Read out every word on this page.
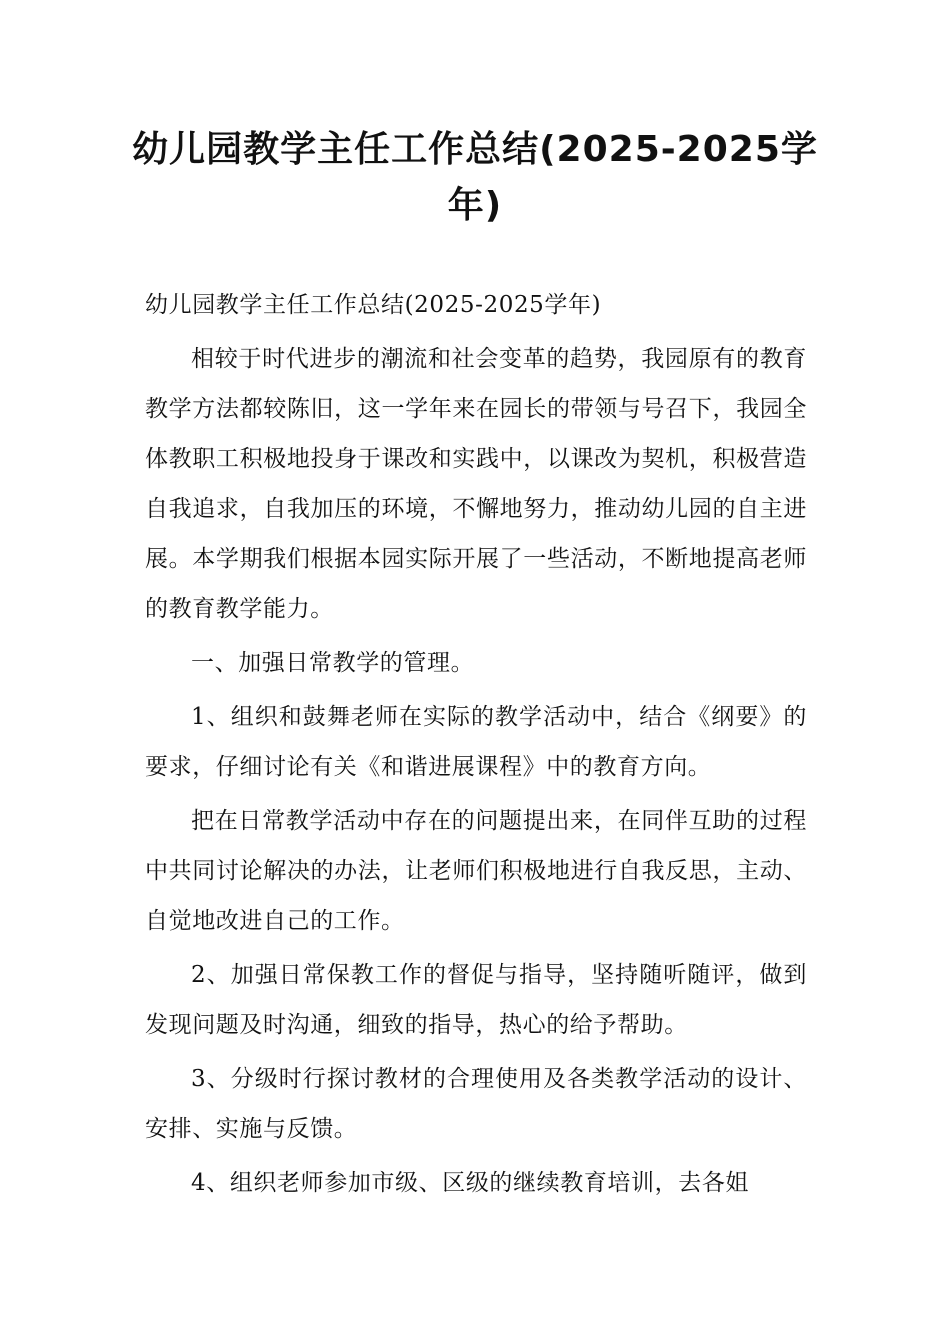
幼儿园教学主任工作总结(2025-2025学年)

幼儿园教学主任工作总结(2025-2025学年)

相较于时代进步的潮流和社会变革的趋势，我园原有的教育教学方法都较陈旧，这一学年来在园长的带领与号召下，我园全体教职工积极地投身于课改和实践中，以课改为契机，积极营造自我追求，自我加压的环境，不懈地努力，推动幼儿园的自主进展。本学期我们根据本园实际开展了一些活动，不断地提高老师的教育教学能力。

一、加强日常教学的管理。

1、组织和鼓舞老师在实际的教学活动中，结合《纲要》的要求，仔细讨论有关《和谐进展课程》中的教育方向。

把在日常教学活动中存在的问题提出来，在同伴互助的过程中共同讨论解决的办法，让老师们积极地进行自我反思，主动、自觉地改进自己的工作。

2、加强日常保教工作的督促与指导，坚持随听随评，做到发现问题及时沟通，细致的指导，热心的给予帮助。

3、分级时行探讨教材的合理使用及各类教学活动的设计、安排、实施与反馈。

4、组织老师参加市级、区级的继续教育培训，去各姐
